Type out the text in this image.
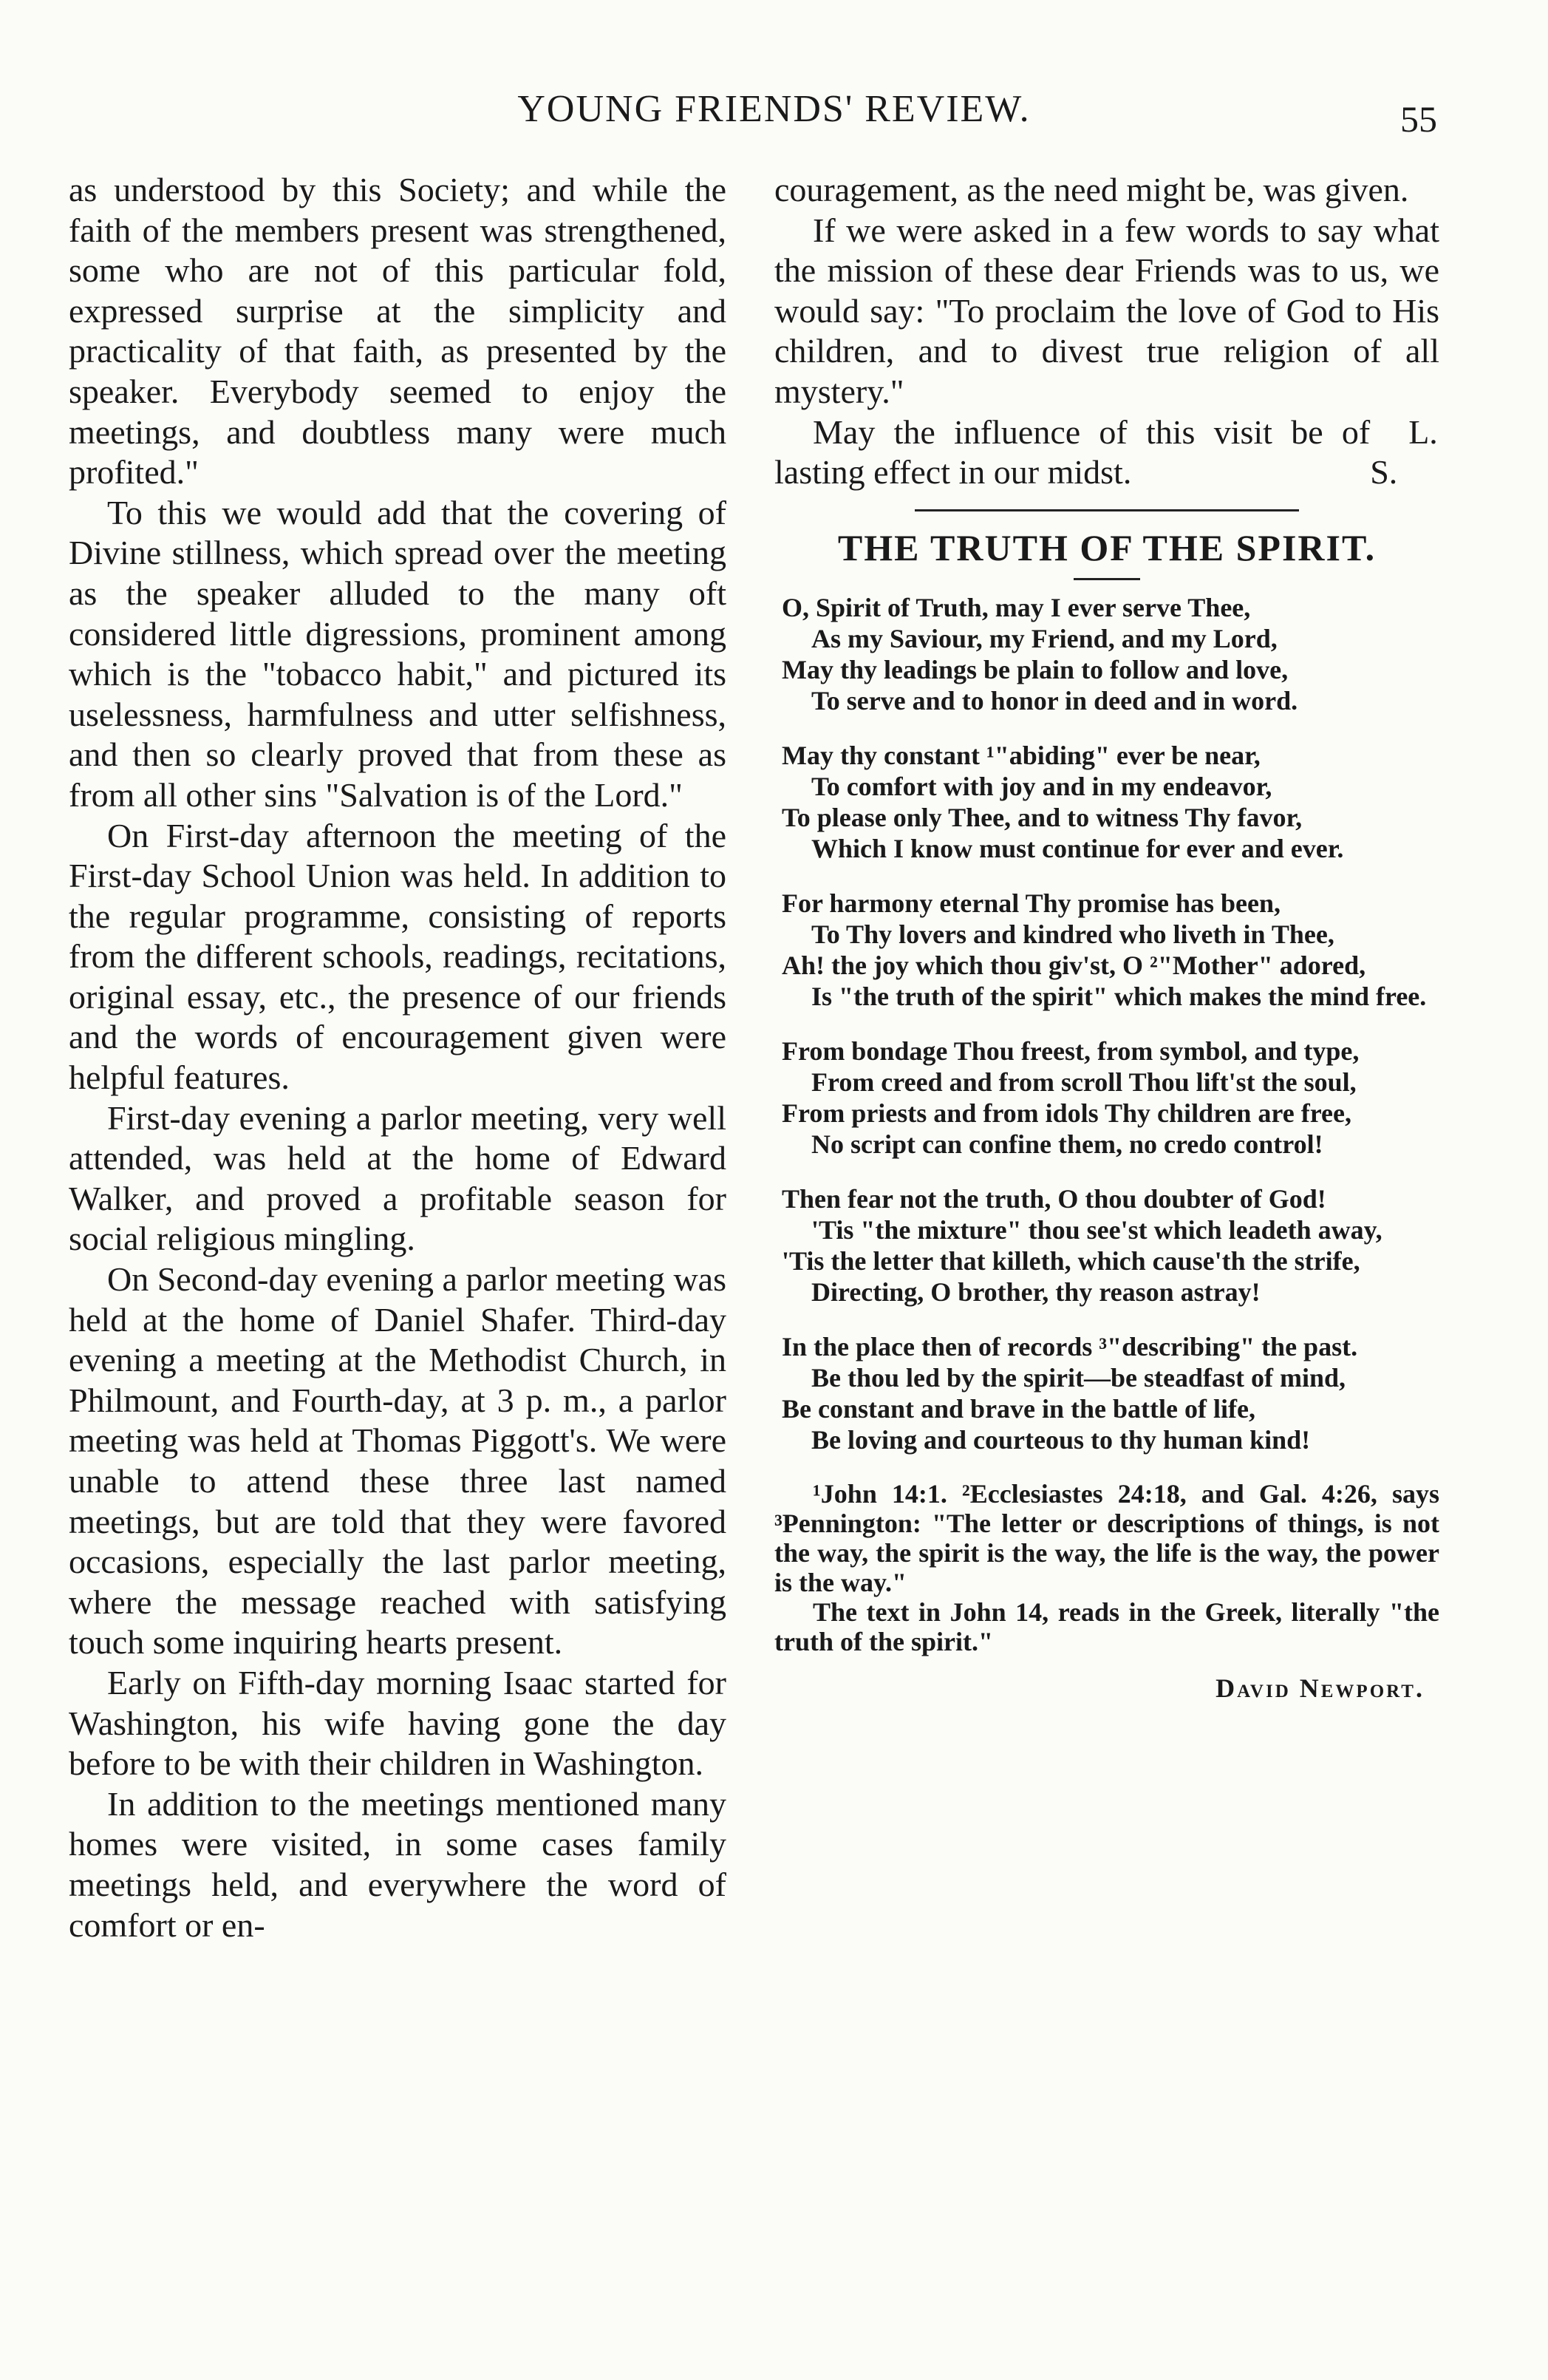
YOUNG FRIENDS' REVIEW.	55

as understood by this Society; and while the faith of the members present was strengthened, some who are not of this particular fold, expressed surprise at the simplicity and practicality of that faith, as presented by the speaker. Everybody seemed to enjoy the meetings, and doubtless many were much profited."

To this we would add that the covering of Divine stillness, which spread over the meeting as the speaker alluded to the many oft considered little digressions, prominent among which is the "tobacco habit," and pictured its uselessness, harmfulness and utter selfishness, and then so clearly proved that from these as from all other sins "Salvation is of the Lord."

On First-day afternoon the meeting of the First-day School Union was held. In addition to the regular programme, consisting of reports from the different schools, readings, recitations, original essay, etc., the presence of our friends and the words of encouragement given were helpful features.

First-day evening a parlor meeting, very well attended, was held at the home of Edward Walker, and proved a profitable season for social religious mingling.

On Second-day evening a parlor meeting was held at the home of Daniel Shafer. Third-day evening a meeting at the Methodist Church, in Philmount, and Fourth-day, at 3 p. m., a parlor meeting was held at Thomas Piggott's. We were unable to attend these three last named meetings, but are told that they were favored occasions, especially the last parlor meeting, where the message reached with satisfying touch some inquiring hearts present.

Early on Fifth-day morning Isaac started for Washington, his wife having gone the day before to be with their children in Washington.

In addition to the meetings mentioned many homes were visited, in some cases family meetings held, and everywhere the word of comfort or en-

couragement, as the need might be, was given.

If we were asked in a few words to say what the mission of these dear Friends was to us, we would say: "To proclaim the love of God to His children, and to divest true religion of all mystery."

May the influence of this visit be of lasting effect in our midst.
L. S.

THE TRUTH OF THE SPIRIT.
O, Spirit of Truth, may I ever serve Thee,
As my Saviour, my Friend, and my Lord,
May thy leadings be plain to follow and love,
To serve and to honor in deed and in word.
May thy constant ¹"abiding" ever be near,
To comfort with joy and in my endeavor,
To please only Thee, and to witness Thy favor,
Which I know must continue for ever and ever.
For harmony eternal Thy promise has been,
To Thy lovers and kindred who liveth in Thee,
Ah! the joy which thou giv'st, O ²"Mother" adored,
Is "the truth of the spirit" which makes the mind free.
From bondage Thou freest, from symbol, and type,
From creed and from scroll Thou lift'st the soul,
From priests and from idols Thy children are free,
No script can confine them, no credo control!
Then fear not the truth, O thou doubter of God!
'Tis "the mixture" thou see'st which leadeth away,
'Tis the letter that killeth, which cause'th the strife,
Directing, O brother, thy reason astray!
In the place then of records ³"describing" the past.
Be thou led by the spirit—be steadfast of mind,
Be constant and brave in the battle of life,
Be loving and courteous to thy human kind!

¹John 14:1. ²Ecclesiastes 24:18, and Gal. 4:26, says ³Pennington: "The letter or descriptions of things, is not the way, the spirit is the way, the life is the way, the power is the way."

The text in John 14, reads in the Greek, literally "the truth of the spirit."

David Newport.
